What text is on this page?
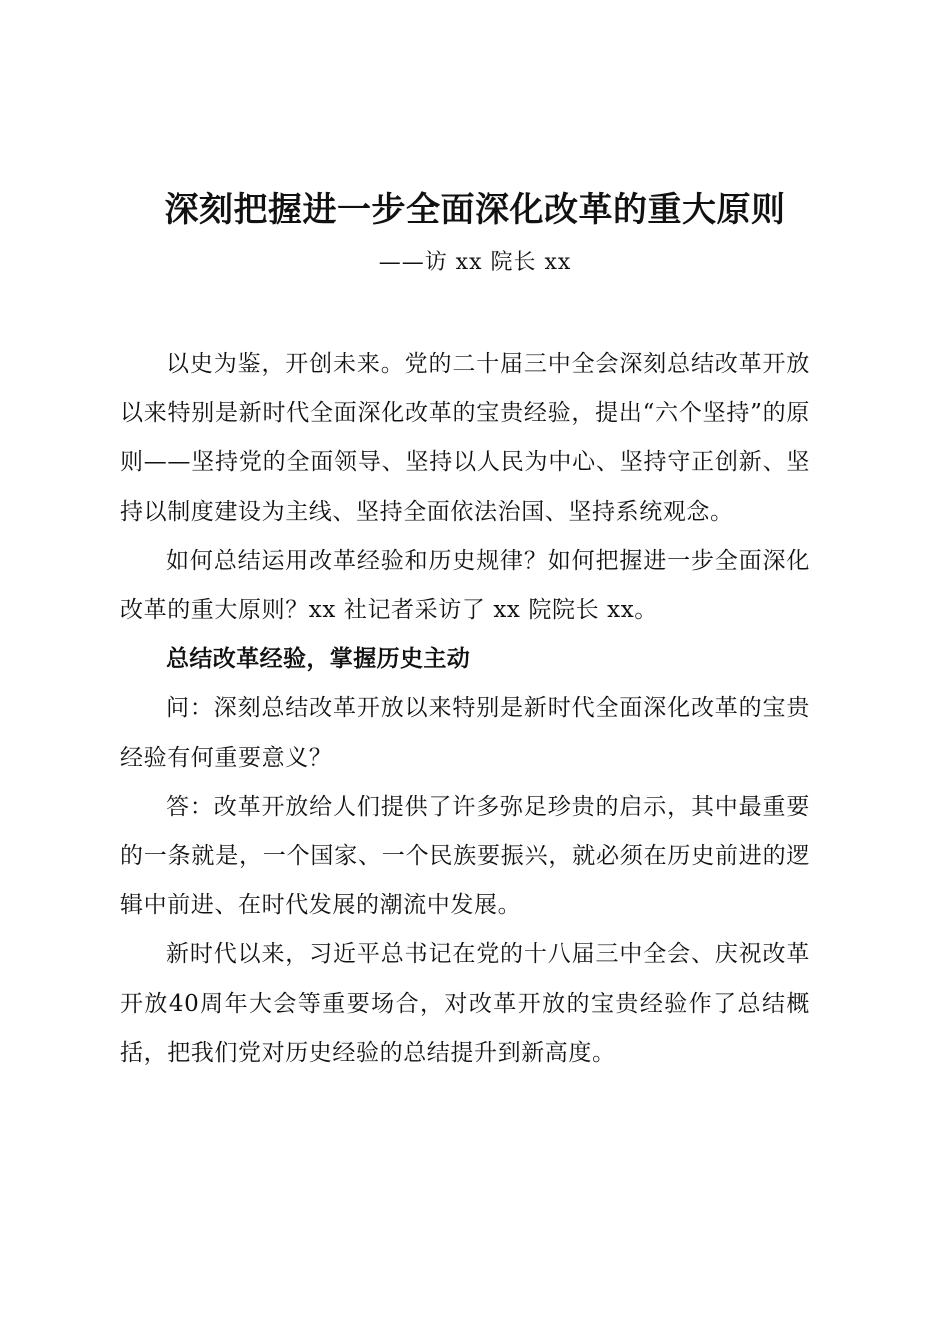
深刻把握进一步全面深化改革的重大原则
——访 xx 院长 xx

以史为鉴，开创未来。党的二十届三中全会深刻总结改革开放以来特别是新时代全面深化改革的宝贵经验，提出“六个坚持”的原则——坚持党的全面领导、坚持以人民为中心、坚持守正创新、坚持以制度建设为主线、坚持全面依法治国、坚持系统观念。

如何总结运用改革经验和历史规律？如何把握进一步全面深化改革的重大原则？xx 社记者采访了 xx 院院长 xx。

总结改革经验，掌握历史主动

问：深刻总结改革开放以来特别是新时代全面深化改革的宝贵经验有何重要意义？

答：改革开放给人们提供了许多弥足珍贵的启示，其中最重要的一条就是，一个国家、一个民族要振兴，就必须在历史前进的逻辑中前进、在时代发展的潮流中发展。

新时代以来，习近平总书记在党的十八届三中全会、庆祝改革开放40周年大会等重要场合，对改革开放的宝贵经验作了总结概括，把我们党对历史经验的总结提升到新高度。
